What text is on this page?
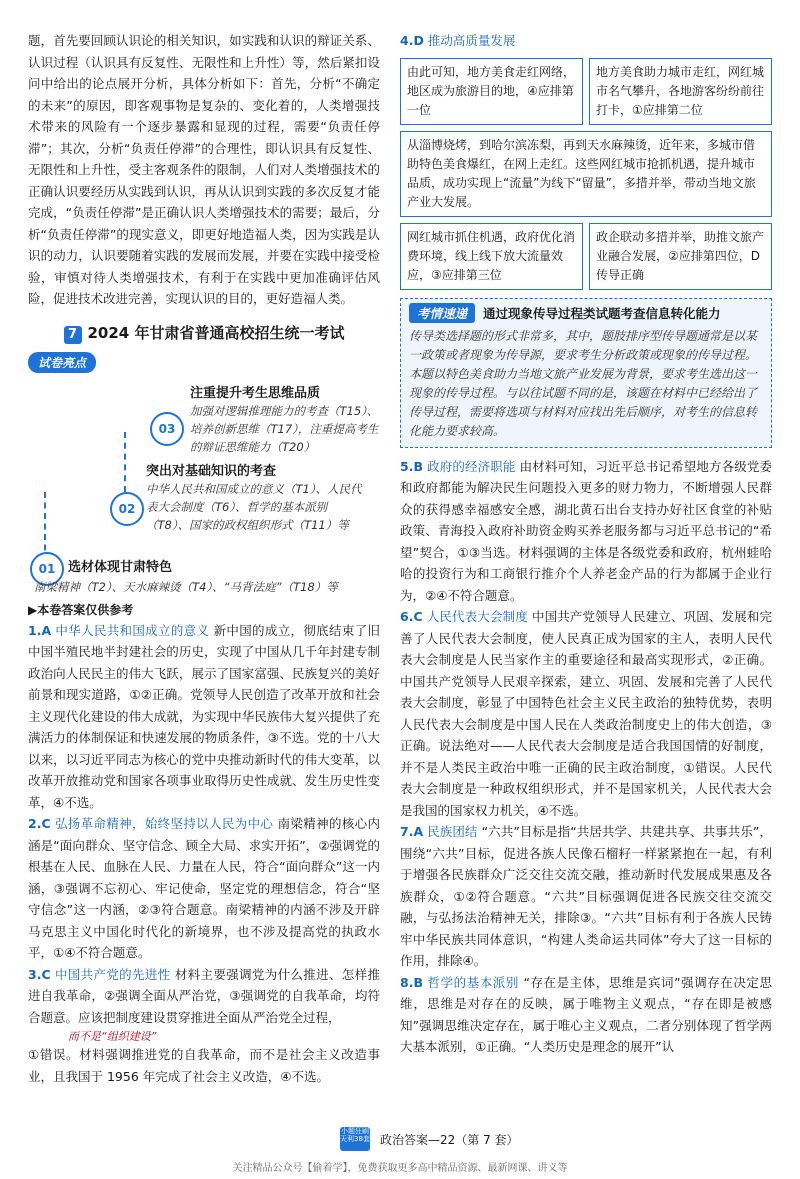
题，首先要回顾认识论的相关知识，如实践和认识的辩证关系、认识过程（认识具有反复性、无限性和上升性）等，然后紧扣设问中给出的论点展开分析，具体分析如下：首先，分析“不确定的未来”的原因，即客观事物是复杂的、变化着的，人类增强技术带来的风险有一个逐步暴露和显现的过程，需要“负责任停滞”；其次，分析“负责任停滞”的合理性，即认识具有反复性、无限性和上升性，受主客观条件的限制，人们对人类增强技术的正确认识要经历从实践到认识，再从认识到实践的多次反复才能完成，“负责任停滞”是正确认识人类增强技术的需要；最后，分析“负责任停滞”的现实意义，即更好地造福人类，因为实践是认识的动力，认识要随着实践的发展而发展，并要在实践中接受检验，审慎对待人类增强技术，有利于在实践中更加准确评估风险，促进技术改进完善，实现认识的目的，更好造福人类。

7 2024 年甘肃省普通高校招生统一考试
试卷亮点
03
注重提升考生思维品质
加强对逻辑推理能力的考查（T15）、培养创新思维（T17），注重提高考生的辩证思维能力（T20）
02
突出对基础知识的考查
中华人民共和国成立的意义（T1）、人民代表大会制度（T6）、哲学的基本派别（T8）、国家的政权组织形式（T11）等
01 选材体现甘肃特色
南梁精神（T2）、天水麻辣烫（T4）、“马背法庭”（T18）等
▶本卷答案仅供参考

1.A 中华人民共和国成立的意义 新中国的成立，彻底结束了旧中国半殖民地半封建社会的历史，实现了中国从几千年封建专制政治向人民民主的伟大飞跃，展示了国家富强、民族复兴的美好前景和现实道路，①②正确。党领导人民创造了改革开放和社会主义现代化建设的伟大成就，为实现中华民族伟大复兴提供了充满活力的体制保证和快速发展的物质条件，③不选。党的十八大以来，以习近平同志为核心的党中央推动新时代的伟大变革，以改革开放推动党和国家各项事业取得历史性成就、发生历史性变革，④不选。

2.C 弘扬革命精神，始终坚持以人民为中心 南梁精神的核心内涵是“面向群众、坚守信念、顾全大局、求实开拓”，②强调党的根基在人民、血脉在人民、力量在人民，符合“面向群众”这一内涵，③强调不忘初心、牢记使命，坚定党的理想信念，符合“坚守信念”这一内涵，②③符合题意。南梁精神的内涵不涉及开辟马克思主义中国化时代化的新境界，也不涉及提高党的执政水平，①④不符合题意。

3.C 中国共产党的先进性 材料主要强调党为什么推进、怎样推进自我革命，②强调全面从严治党，③强调党的自我革命，均符合题意。应该把制度建设贯穿推进全面从严治党全过程，

而不是“组织建设”

①错误。材料强调推进党的自我革命，而不是社会主义改造事业，且我国于 1956 年完成了社会主义改造，④不选。

4.D 推动高质量发展

由此可知，地方美食走红网络，地区成为旅游目的地，④应排第一位
地方美食助力城市走红，网红城市名气攀升，各地游客纷纷前往打卡，①应排第二位
从淄博烧烤，到哈尔滨冻梨，再到天水麻辣烫，近年来，多城市借助特色美食爆红，在网上走红。这些网红城市抢抓机遇，提升城市品质，成功实现上“流量”为线下“留量”，多措并举，带动当地文旅产业大发展。
网红城市抓住机遇，政府优化消费环境，线上线下放大流量效应，③应排第三位
政企联动多措并举，助推文旅产业融合发展，②应排第四位，D 传导正确
考情速递 通过现象传导过程类试题考查信息转化能力
传导类选择题的形式非常多，其中，题肢排序型传导题通常是以某一政策或者现象为传导源，要求考生分析政策或现象的传导过程。本题以特色美食助力当地文旅产业发展为背景，要求考生选出这一现象的传导过程。与以往试题不同的是，该题在材料中已经给出了传导过程，需要将选项与材料对应找出先后顺序，对考生的信息转化能力要求较高。

5.B 政府的经济职能 由材料可知，习近平总书记希望地方各级党委和政府都能为解决民生问题投入更多的财力物力，不断增强人民群众的获得感幸福感安全感，湖北黄石出台支持办好社区食堂的补贴政策、青海投入政府补助资金购买养老服务都与习近平总书记的“希望”契合，①③当选。材料强调的主体是各级党委和政府，杭州蛙哈哈的投资行为和工商银行推介个人养老金产品的行为都属于企业行为，②④不符合题意。

6.C 人民代表大会制度 中国共产党领导人民建立、巩固、发展和完善了人民代表大会制度，使人民真正成为国家的主人，表明人民代表大会制度是人民当家作主的重要途径和最高实现形式，②正确。中国共产党领导人民艰辛探索，建立、巩固、发展和完善了人民代表大会制度，彰显了中国特色社会主义民主政治的独特优势，表明人民代表大会制度是中国人民在人类政治制度史上的伟大创造，③正确。说法绝对——人民代表大会制度是适合我国国情的好制度，并不是人类民主政治中唯一正确的民主政治制度，①错误。人民代表大会制度是一种政权组织形式，并不是国家机关，人民代表大会是我国的国家权力机关，④不选。

7.A 民族团结 “六共”目标是指“共居共学、共建共享、共事共乐”，围绕“六共”目标，促进各族人民像石榴籽一样紧紧抱在一起，有利于增强各民族群众广泛交往交流交融，推动新时代发展成果惠及各族群众，①②符合题意。“六共”目标强调促进各民族交往交流交融，与弘扬法治精神无关，排除③。“六共”目标有利于各族人民铸牢中华民族共同体意识，“构建人类命运共同体”夸大了这一目标的作用，排除④。

8.B 哲学的基本派别 “存在是主体，思维是宾词”强调存在决定思维，思维是对存在的反映，属于唯物主义观点，“存在即是被感知”强调思维决定存在，属于唯心主义观点，二者分别体现了哲学两大基本派别，①正确。“人类历史是理念的展开”认

小题狂刷 天利38套 政治答案—22（第 7 套）
关注精品公众号【偷着学】，免费获取更多高中精品资源、最新网课、讲义等
